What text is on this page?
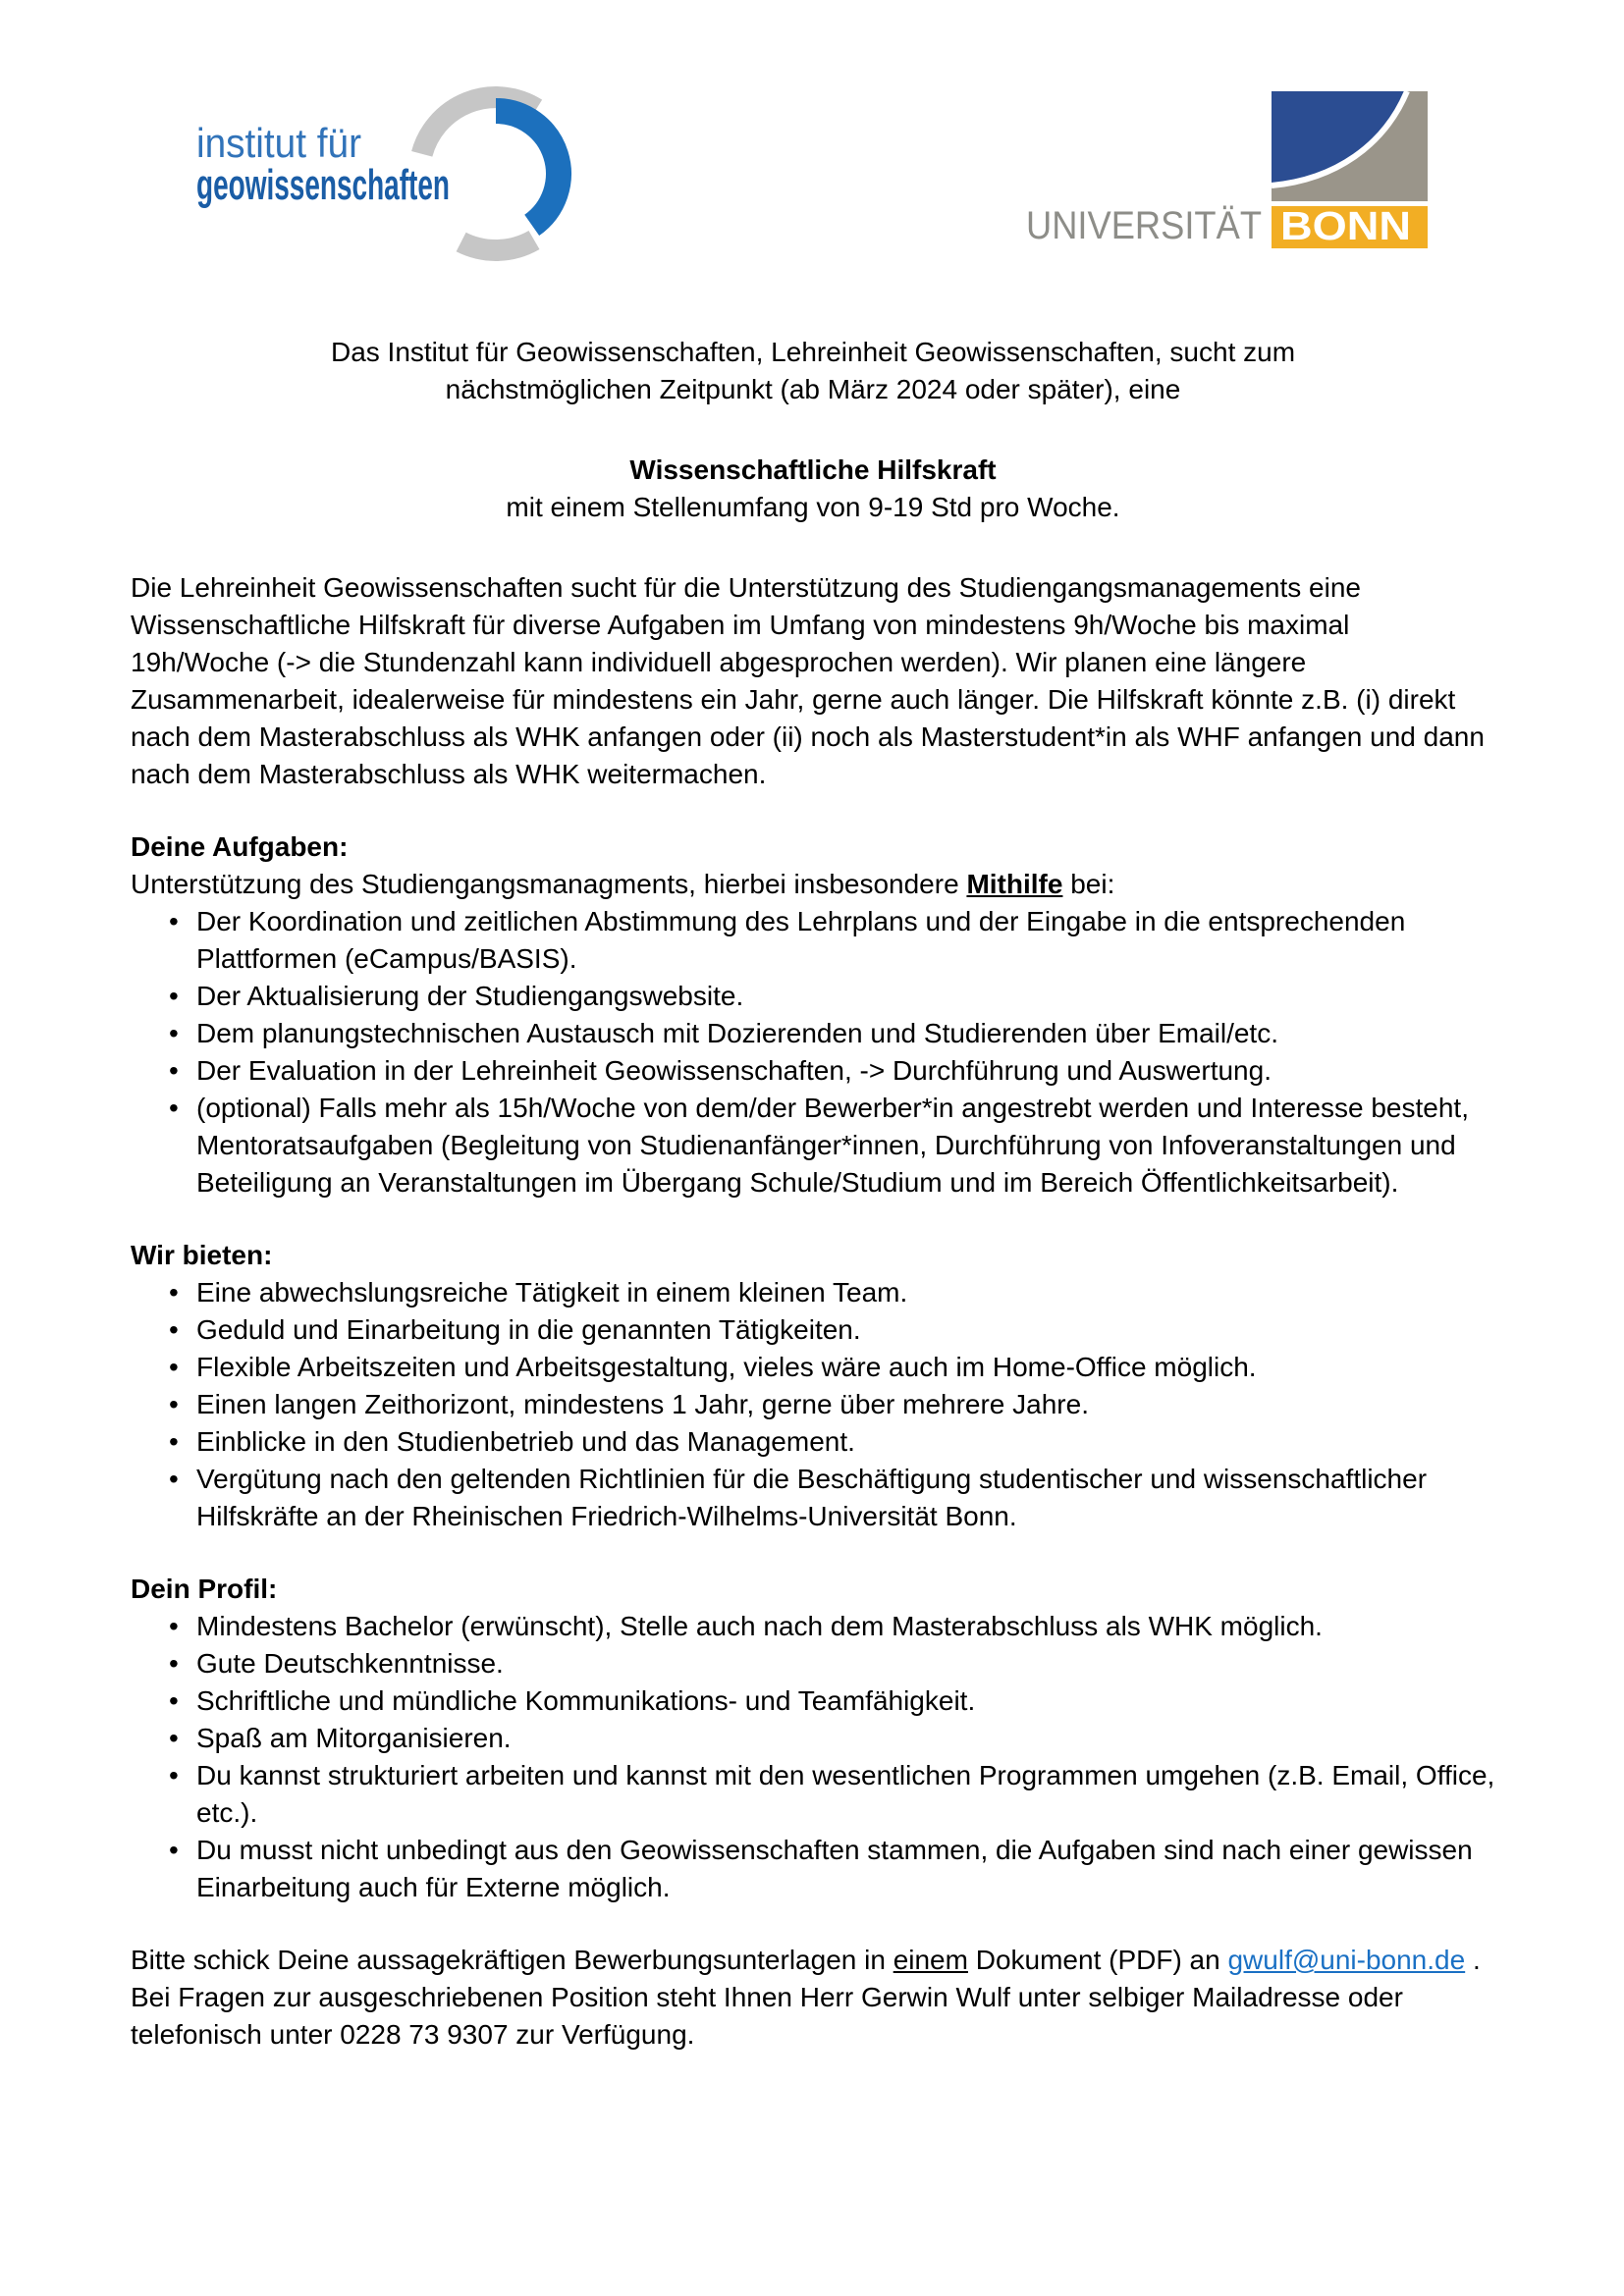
institut für
geowissenschaften
UNIVERSITÄT BONN

Das Institut für Geowissenschaften, Lehreinheit Geowissenschaften, sucht zum nächstmöglichen Zeitpunkt (ab März 2024 oder später), eine

Wissenschaftliche Hilfskraft

mit einem Stellenumfang von 9-19 Std pro Woche.

Die Lehreinheit Geowissenschaften sucht für die Unterstützung des Studiengangsmanagements eine Wissenschaftliche Hilfskraft für diverse Aufgaben im Umfang von mindestens 9h/Woche bis maximal 19h/Woche (-> die Stundenzahl kann individuell abgesprochen werden). Wir planen eine längere Zusammenarbeit, idealerweise für mindestens ein Jahr, gerne auch länger. Die Hilfskraft könnte z.B. (i) direkt nach dem Masterabschluss als WHK anfangen oder (ii) noch als Masterstudent*in als WHF anfangen und dann nach dem Masterabschluss als WHK weitermachen.

Deine Aufgaben:

Unterstützung des Studiengangsmanagments, hierbei insbesondere Mithilfe bei:

• Der Koordination und zeitlichen Abstimmung des Lehrplans und der Eingabe in die entsprechenden Plattformen (eCampus/BASIS).
• Der Aktualisierung der Studiengangswebsite.
• Dem planungstechnischen Austausch mit Dozierenden und Studierenden über Email/etc.
• Der Evaluation in der Lehreinheit Geowissenschaften, -> Durchführung und Auswertung.
• (optional) Falls mehr als 15h/Woche von dem/der Bewerber*in angestrebt werden und Interesse besteht, Mentoratsaufgaben (Begleitung von Studienanfänger*innen, Durchführung von Infoveranstaltungen und Beteiligung an Veranstaltungen im Übergang Schule/Studium und im Bereich Öffentlichkeitsarbeit).

Wir bieten:

• Eine abwechslungsreiche Tätigkeit in einem kleinen Team.
• Geduld und Einarbeitung in die genannten Tätigkeiten.
• Flexible Arbeitszeiten und Arbeitsgestaltung, vieles wäre auch im Home-Office möglich.
• Einen langen Zeithorizont, mindestens 1 Jahr, gerne über mehrere Jahre.
• Einblicke in den Studienbetrieb und das Management.
• Vergütung nach den geltenden Richtlinien für die Beschäftigung studentischer und wissenschaftlicher Hilfskräfte an der Rheinischen Friedrich-Wilhelms-Universität Bonn.

Dein Profil:

• Mindestens Bachelor (erwünscht), Stelle auch nach dem Masterabschluss als WHK möglich.
• Gute Deutschkenntnisse.
• Schriftliche und mündliche Kommunikations- und Teamfähigkeit.
• Spaß am Mitorganisieren.
• Du kannst strukturiert arbeiten und kannst mit den wesentlichen Programmen umgehen (z.B. Email, Office, etc.).
• Du musst nicht unbedingt aus den Geowissenschaften stammen, die Aufgaben sind nach einer gewissen Einarbeitung auch für Externe möglich.

Bitte schick Deine aussagekräftigen Bewerbungsunterlagen in einem Dokument (PDF) an gwulf@uni-bonn.de . Bei Fragen zur ausgeschriebenen Position steht Ihnen Herr Gerwin Wulf unter selbiger Mailadresse oder telefonisch unter 0228 73 9307 zur Verfügung.
